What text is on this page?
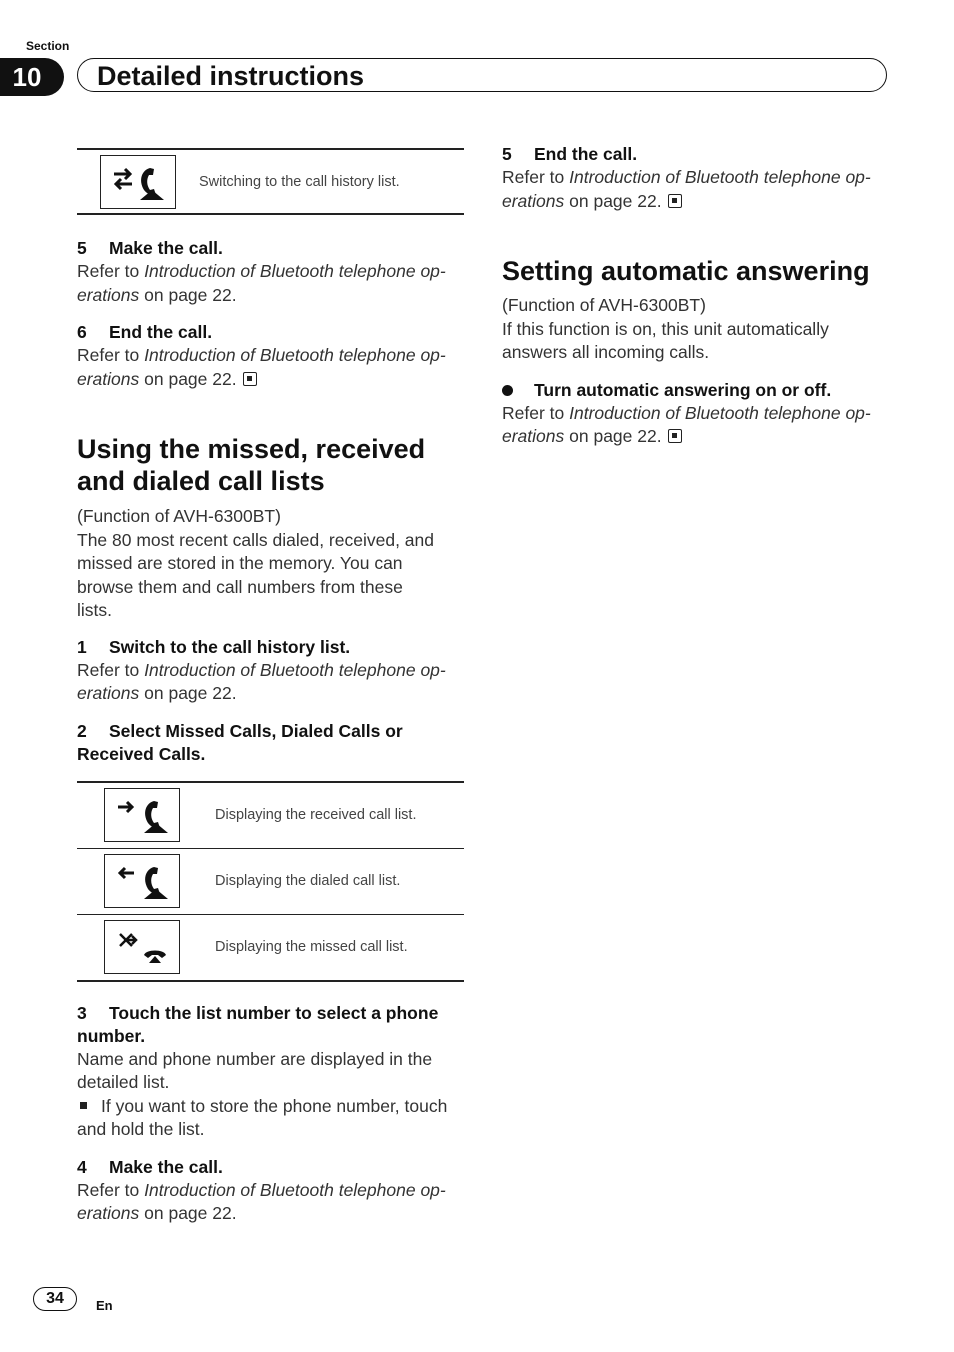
Section
10	Detailed instructions
Switching to the call history list.
5 Make the call.
Refer to Introduction of Bluetooth telephone op-
erations on page 22.
6 End the call.
Refer to Introduction of Bluetooth telephone op-
erations on page 22.
Using the missed, received
and dialed call lists
(Function of AVH-6300BT)
The 80 most recent calls dialed, received, and
missed are stored in the memory. You can
browse them and call numbers from these
lists.
1 Switch to the call history list.
Refer to Introduction of Bluetooth telephone op-
erations on page 22.
2 Select Missed Calls, Dialed Calls or
Received Calls.
Displaying the received call list.
Displaying the dialed call list.
Displaying the missed call list.
3 Touch the list number to select a phone
number.
Name and phone number are displayed in the
detailed list.
If you want to store the phone number, touch
and hold the list.
4 Make the call.
Refer to Introduction of Bluetooth telephone op-
erations on page 22.
5 End the call.
Refer to Introduction of Bluetooth telephone op-
erations on page 22.
Setting automatic answering
(Function of AVH-6300BT)
If this function is on, this unit automatically
answers all incoming calls.
Turn automatic answering on or off.
Refer to Introduction of Bluetooth telephone op-
erations on page 22.
34	En
